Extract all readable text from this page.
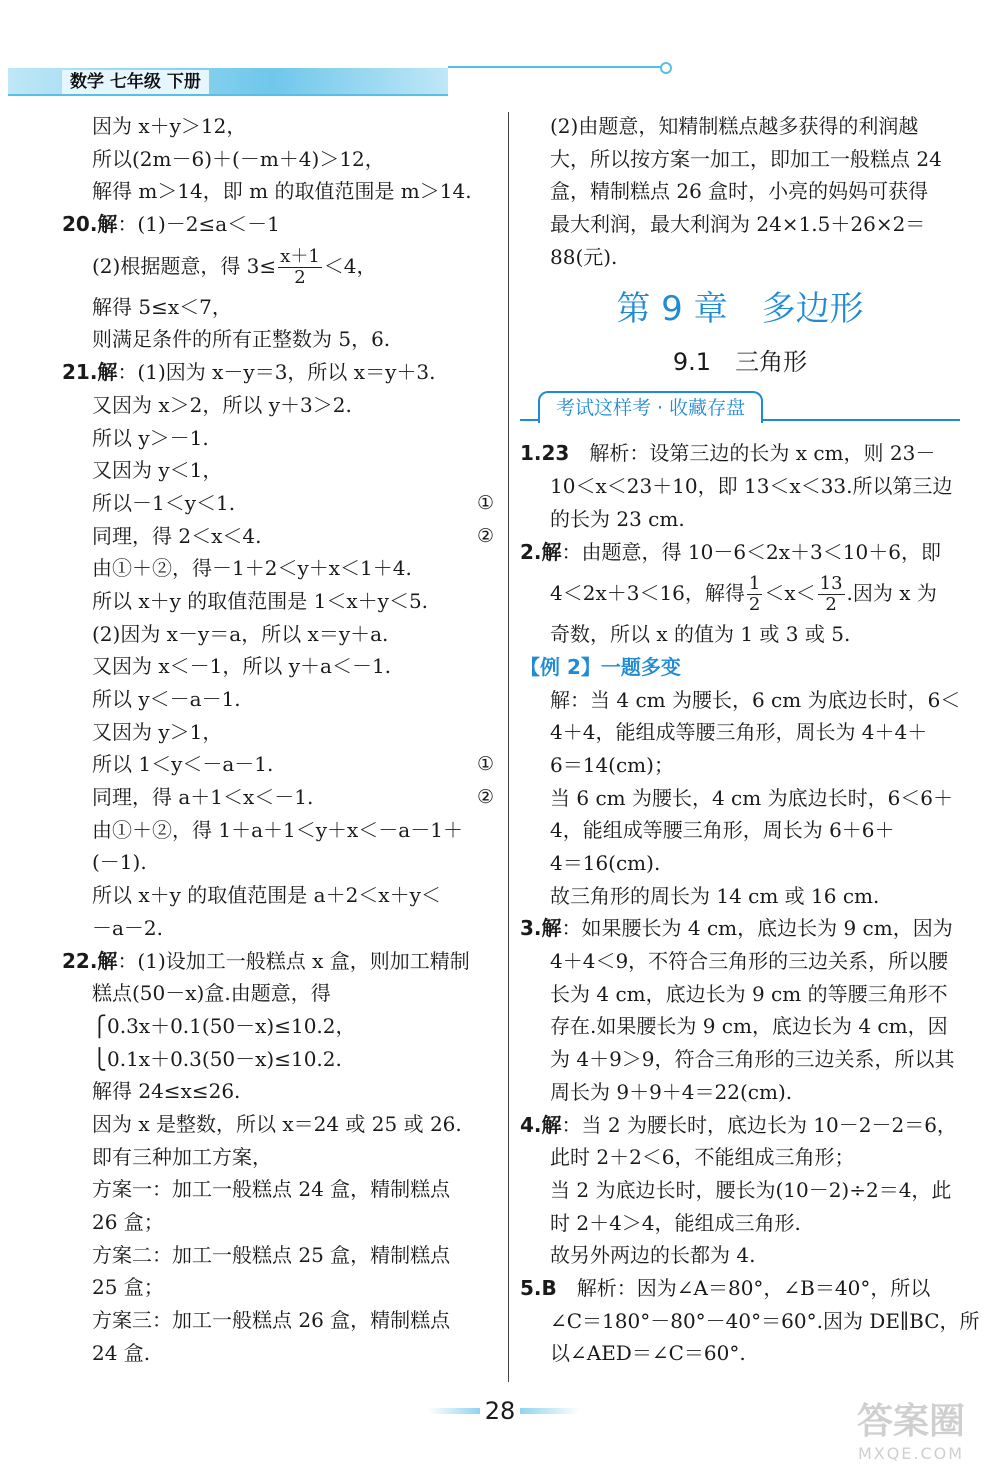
数学 七年级 下册
因为 x＋y＞12，
所以(2m－6)＋(－m＋4)＞12，
解得 m＞14，即 m 的取值范围是 m＞14.
20.解：(1)－2≤a＜－1
(2)根据题意，得 $3\le \frac{x+1}{2} <4$，
解得 5≤x＜7，
则满足条件的所有正整数为 5，6.
21.解：(1)因为 x－y＝3，所以 x＝y＋3.
又因为 x＞2，所以 y＋3＞2.
所以 y＞－1.
又因为 y＜1，
所以－1＜y＜1.	①
同理，得 2＜x＜4.	②
由①＋②，得－1＋2＜y＋x＜1＋4.
所以 x＋y 的取值范围是 1＜x＋y＜5.
(2)因为 x－y＝a，所以 x＝y＋a.
又因为 x＜－1，所以 y＋a＜－1.
所以 y＜－a－1.
又因为 y＞1，
所以 1＜y＜－a－1.	①
同理，得 a＋1＜x＜－1.	②
由①＋②，得 1＋a＋1＜y＋x＜－a－1＋
(－1).
所以 x＋y 的取值范围是 a＋2＜x＋y＜
－a－2.
22.解：(1)设加工一般糕点 x 盒，则加工精制
糕点(50－x)盒.由题意，得
⎧0.3x＋0.1(50－x)≤10.2，
⎩0.1x＋0.3(50－x)≤10.2.
解得 24≤x≤26.
因为 x 是整数，所以 x＝24 或 25 或 26.
即有三种加工方案，
方案一：加工一般糕点 24 盒，精制糕点
26 盒；
方案二：加工一般糕点 25 盒，精制糕点
25 盒；
方案三：加工一般糕点 26 盒，精制糕点
24 盒.
(2)由题意，知精制糕点越多获得的利润越
大，所以按方案一加工，即加工一般糕点 24
盒，精制糕点 26 盒时，小亮的妈妈可获得
最大利润，最大利润为 24×1.5＋26×2＝
88(元).
第 9 章　多边形
9.1　三角形
考试这样考 · 收藏存盘
1.23　解析：设第三边的长为 x cm，则 23－
10＜x＜23＋10，即 13＜x＜33.所以第三边
的长为 23 cm.
2.解：由题意，得 10－6＜2x＋3＜10＋6，即
4＜2x＋3＜16，解得 $\frac{1}{2} <x< \frac{13}{2}$ .因为 x 为
奇数，所以 x 的值为 1 或 3 或 5.
【例 2】一题多变
解：当 4 cm 为腰长，6 cm 为底边长时，6＜
4＋4，能组成等腰三角形，周长为 4＋4＋
6＝14(cm)；
当 6 cm 为腰长，4 cm 为底边长时，6＜6＋
4，能组成等腰三角形，周长为 6＋6＋
4＝16(cm).
故三角形的周长为 14 cm 或 16 cm.
3.解：如果腰长为 4 cm，底边长为 9 cm，因为
4＋4＜9，不符合三角形的三边关系，所以腰
长为 4 cm，底边长为 9 cm 的等腰三角形不
存在.如果腰长为 9 cm，底边长为 4 cm，因
为 4＋9＞9，符合三角形的三边关系，所以其
周长为 9＋9＋4＝22(cm).
4.解：当 2 为腰长时，底边长为 10－2－2＝6，
此时 2＋2＜6，不能组成三角形；
当 2 为底边长时，腰长为(10－2)÷2＝4，此
时 2＋4＞4，能组成三角形.
故另外两边的长都为 4.
5.B　解析：因为∠A＝80°，∠B＝40°，所以
∠C＝180°－80°－40°＝60°.因为 DE∥BC，所
以∠AED＝∠C＝60°.
28	答案圈
MXQE.COM
